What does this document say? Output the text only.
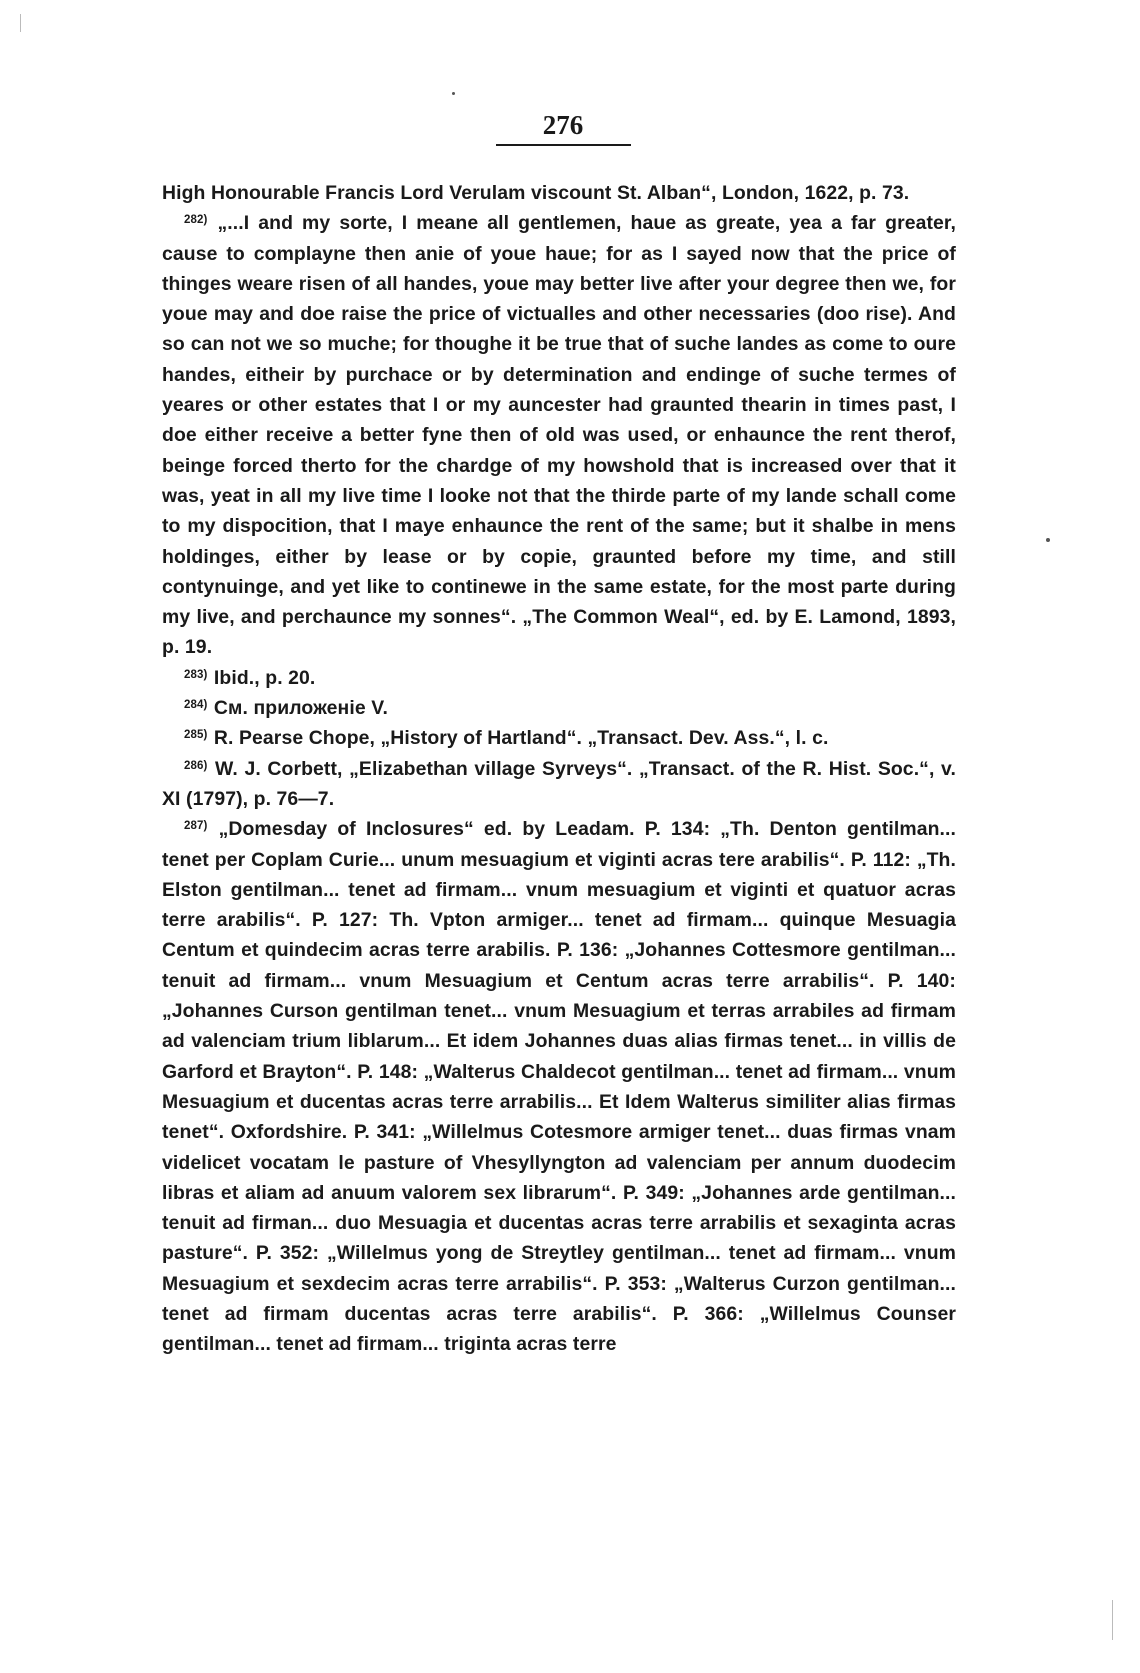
276

High Honourable Francis Lord Verulam viscount St. Alban“, London, 1622, p. 73.

$^{282)}$ „...I and my sorte, I meane all gentlemen, haue as greate, yea a far greater, cause to complayne then anie of youe haue; for as I sayed now that the price of thinges weare risen of all handes, youe may better live after your degree then we, for youe may and doe raise the price of victualles and other necessaries (doo rise). And so can not we so muche; for thoughe it be true that of suche landes as come to oure handes, eitheir by purchace or by determination and endinge of suche termes of yeares or other estates that I or my auncester had graunted thearin in times past, I doe either receive a better fyne then of old was used, or enhaunce the rent therof, beinge forced therto for the chardge of my howshold that is increased over that it was, yeat in all my live time I looke not that the thirde parte of my lande schall come to my dispocition, that I maye enhaunce the rent of the same; but it shalbe in mens holdinges, either by lease or by copie, graunted before my time, and still contynuinge, and yet like to continewe in the same estate, for the most parte during my live, and perchaunce my sonnes“. „The Common Weal“, ed. by E. Lamond, 1893, p. 19.

$^{283)}$ Ibid., p. 20.

$^{284)}$ См. приложенiе V.

$^{285)}$ R. Pearse Chope, „History of Hartland“. „Transact. Dev. Ass.“, l. c.

$^{286)}$ W. J. Corbett, „Elizabethan village Syrveys“. „Transact. of the R. Hist. Soc.“, v. XI (1797), p. 76—7.

$^{287)}$ „Domesday of Inclosures“ ed. by Leadam. P. 134: „Th. Denton gentilman... tenet per Coplam Curie... unum mesuagium et viginti acras tere arabilis“. P. 112: „Th. Elston gentilman... tenet ad firmam... vnum mesuagium et viginti et quatuor acras terre arabilis“. P. 127: Th. Vpton armiger... tenet ad firmam... quinque Mesuagia Centum et quindecim acras terre arabilis. P. 136: „Johannes Cottesmore gentilman... tenuit ad firmam... vnum Mesuagium et Centum acras terre arrabilis“. P. 140: „Johannes Curson gentilman tenet... vnum Mesuagium et terras arrabiles ad firmam ad valenciam trium liblarum... Et idem Johannes duas alias firmas tenet... in villis de Garford et Brayton“. P. 148: „Walterus Chaldecot gentilman... tenet ad firmam... vnum Mesuagium et ducentas acras terre arrabilis... Et Idem Walterus similiter alias firmas tenet“. Oxfordshire. P. 341: „Willelmus Cotesmore armiger tenet... duas firmas vnam videlicet vocatam le pasture of Vhesyllyngton ad valenciam per annum duodecim libras et aliam ad anuum valorem sex librarum“. P. 349: „Johannes arde gentilman... tenuit ad firman... duo Mesuagia et ducentas acras terre arrabilis et sexaginta acras pasture“. P. 352: „Willelmus yong de Streytley gentilman... tenet ad firmam... vnum Mesuagium et sexdecim acras terre arrabilis“. P. 353: „Walterus Curzon gentilman... tenet ad firmam ducentas acras terre arabilis“. P. 366: „Willelmus Counser gentilman... tenet ad firmam... triginta acras terre
